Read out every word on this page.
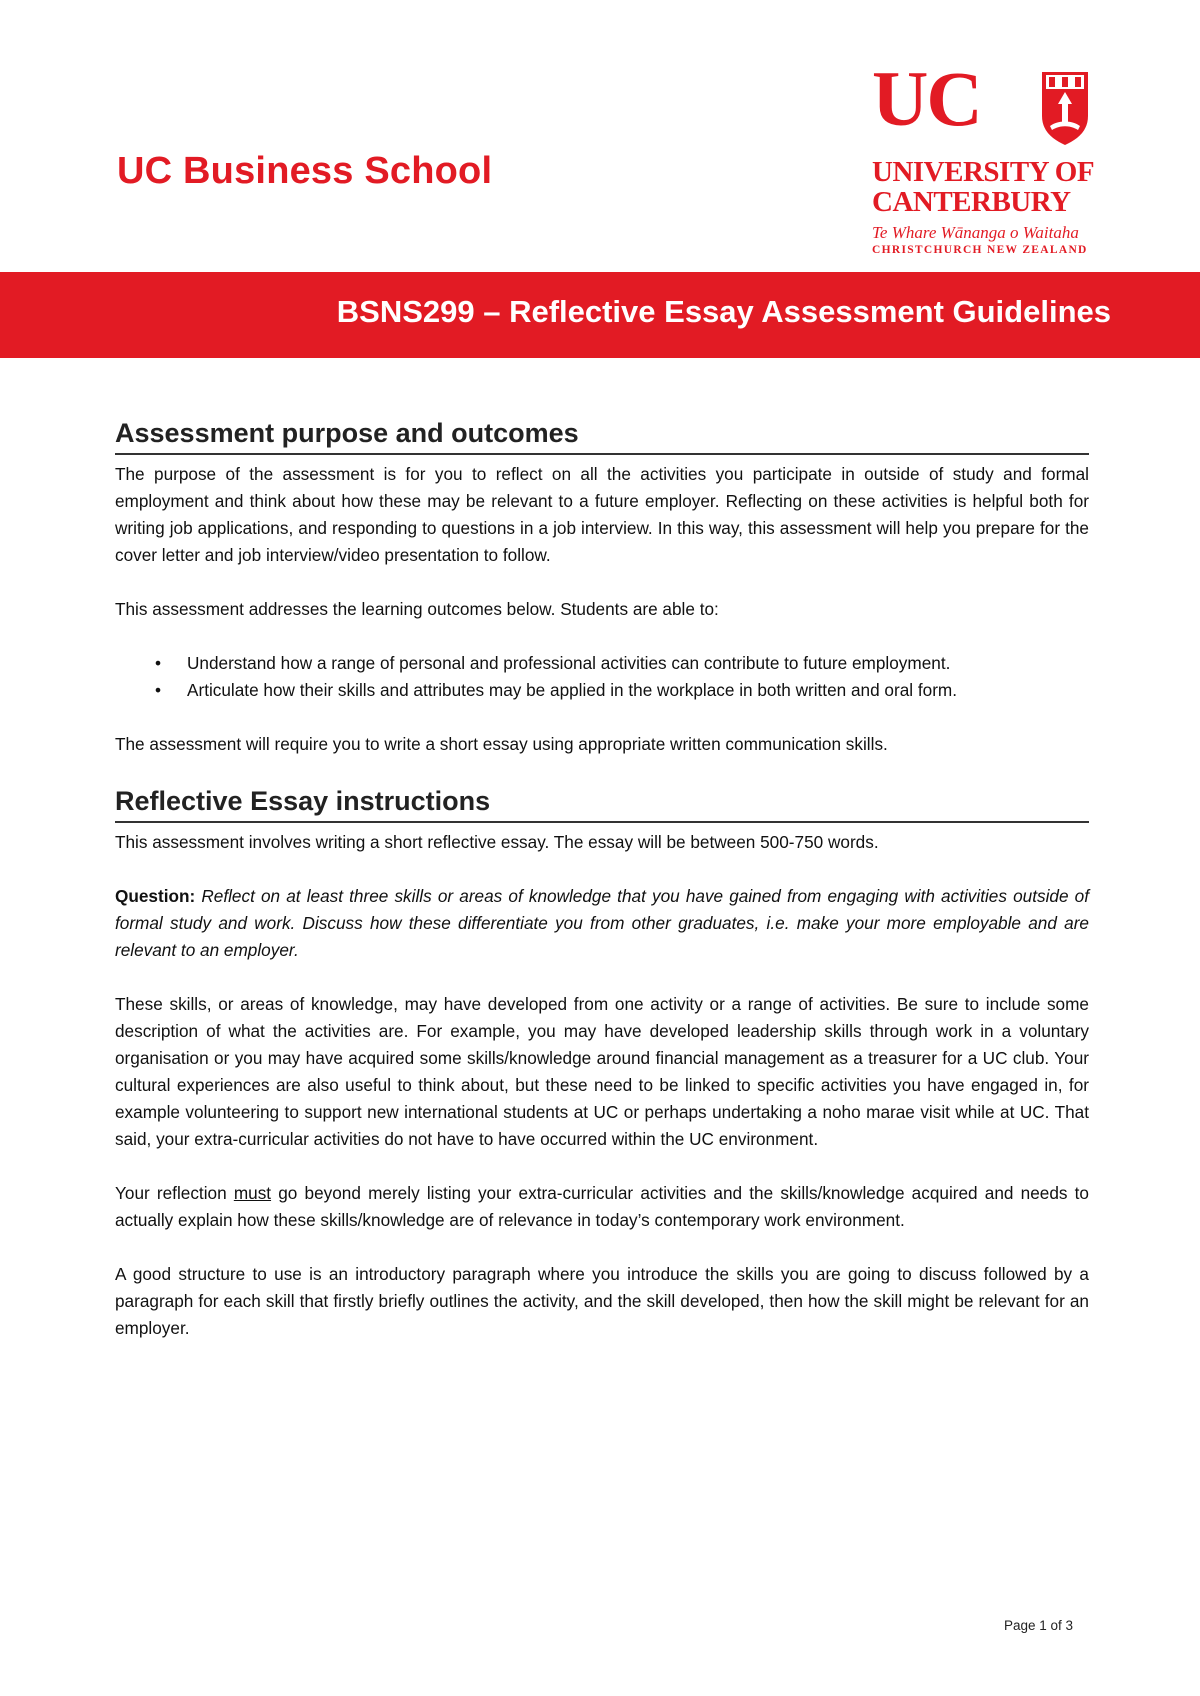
UC Business School
UC
UNIVERSITY OF
CANTERBURY
Te Whare Wānanga o Waitaha
CHRISTCHURCH NEW ZEALAND
BSNS299 – Reflective Essay Assessment Guidelines
Assessment purpose and outcomes

The purpose of the assessment is for you to reflect on all the activities you participate in outside of study and formal employment and think about how these may be relevant to a future employer. Reflecting on these activities is helpful both for writing job applications, and responding to questions in a job interview. In this way, this assessment will help you prepare for the cover letter and job interview/video presentation to follow.

This assessment addresses the learning outcomes below. Students are able to:

• Understand how a range of personal and professional activities can contribute to future employment.
• Articulate how their skills and attributes may be applied in the workplace in both written and oral form.

The assessment will require you to write a short essay using appropriate written communication skills.

Reflective Essay instructions

This assessment involves writing a short reflective essay. The essay will be between 500-750 words.

Question: Reflect on at least three skills or areas of knowledge that you have gained from engaging with activities outside of formal study and work. Discuss how these differentiate you from other graduates, i.e. make your more employable and are relevant to an employer.

These skills, or areas of knowledge, may have developed from one activity or a range of activities. Be sure to include some description of what the activities are. For example, you may have developed leadership skills through work in a voluntary organisation or you may have acquired some skills/knowledge around financial management as a treasurer for a UC club. Your cultural experiences are also useful to think about, but these need to be linked to specific activities you have engaged in, for example volunteering to support new international students at UC or perhaps undertaking a noho marae visit while at UC. That said, your extra-curricular activities do not have to have occurred within the UC environment.

Your reflection must go beyond merely listing your extra-curricular activities and the skills/knowledge acquired and needs to actually explain how these skills/knowledge are of relevance in today’s contemporary work environment.

A good structure to use is an introductory paragraph where you introduce the skills you are going to discuss followed by a paragraph for each skill that firstly briefly outlines the activity, and the skill developed, then how the skill might be relevant for an employer.

Page 1 of 3
